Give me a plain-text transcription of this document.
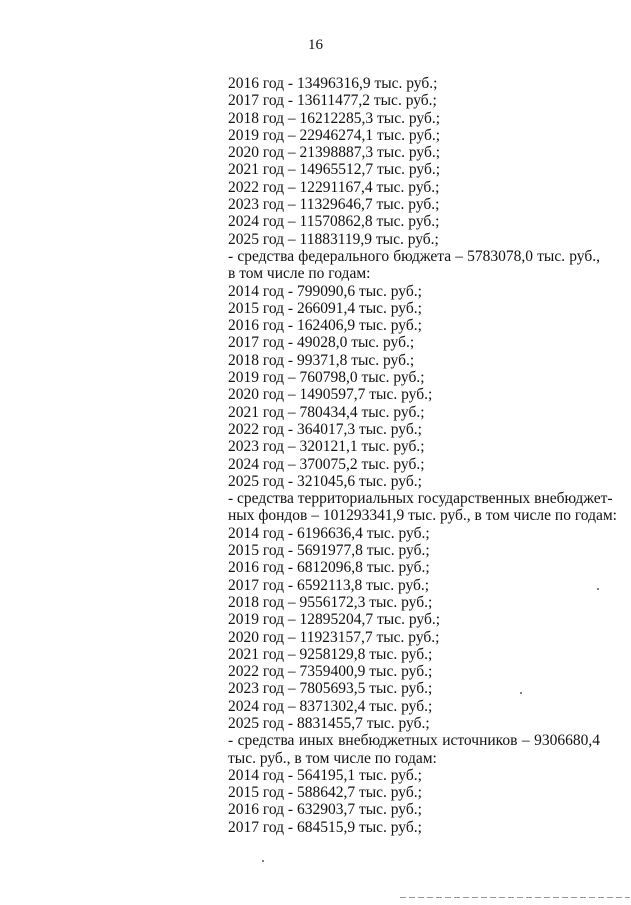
16
2016 год - 13496316,9 тыс. руб.;
2017 год - 13611477,2 тыс. руб.;
2018 год – 16212285,3 тыс. руб.;
2019 год – 22946274,1 тыс. руб.;
2020 год – 21398887,3 тыс. руб.;
2021 год – 14965512,7 тыс. руб.;
2022 год – 12291167,4 тыс. руб.;
2023 год – 11329646,7 тыс. руб.;
2024 год – 11570862,8 тыс. руб.;
2025 год – 11883119,9 тыс. руб.;
- средства федерального бюджета – 5783078,0 тыс. руб., в том числе по годам:
2014 год - 799090,6 тыс. руб.;
2015 год - 266091,4 тыс. руб.;
2016 год - 162406,9 тыс. руб.;
2017 год - 49028,0 тыс. руб.;
2018 год - 99371,8 тыс. руб.;
2019 год – 760798,0 тыс. руб.;
2020 год – 1490597,7 тыс. руб.;
2021 год – 780434,4 тыс. руб.;
2022 год - 364017,3 тыс. руб.;
2023 год – 320121,1 тыс. руб.;
2024 год – 370075,2 тыс. руб.;
2025 год - 321045,6 тыс. руб.;
- средства территориальных государственных внебюджет-
ных фондов – 101293341,9 тыс. руб., в том числе по годам:
2014 год - 6196636,4 тыс. руб.;
2015 год - 5691977,8 тыс. руб.;
2016 год - 6812096,8 тыс. руб.;
2017 год - 6592113,8 тыс. руб.;
2018 год – 9556172,3 тыс. руб.;
2019 год – 12895204,7 тыс. руб.;
2020 год – 11923157,7 тыс. руб.;
2021 год – 9258129,8 тыс. руб.;
2022 год – 7359400,9 тыс. руб.;
2023 год – 7805693,5 тыс. руб.;
2024 год – 8371302,4 тыс. руб.;
2025 год - 8831455,7 тыс. руб.;
- средства иных внебюджетных источников – 9306680,4 тыс. руб., в том числе по годам:
2014 год - 564195,1 тыс. руб.;
2015 год - 588642,7 тыс. руб.;
2016 год - 632903,7 тыс. руб.;
2017 год - 684515,9 тыс. руб.;
